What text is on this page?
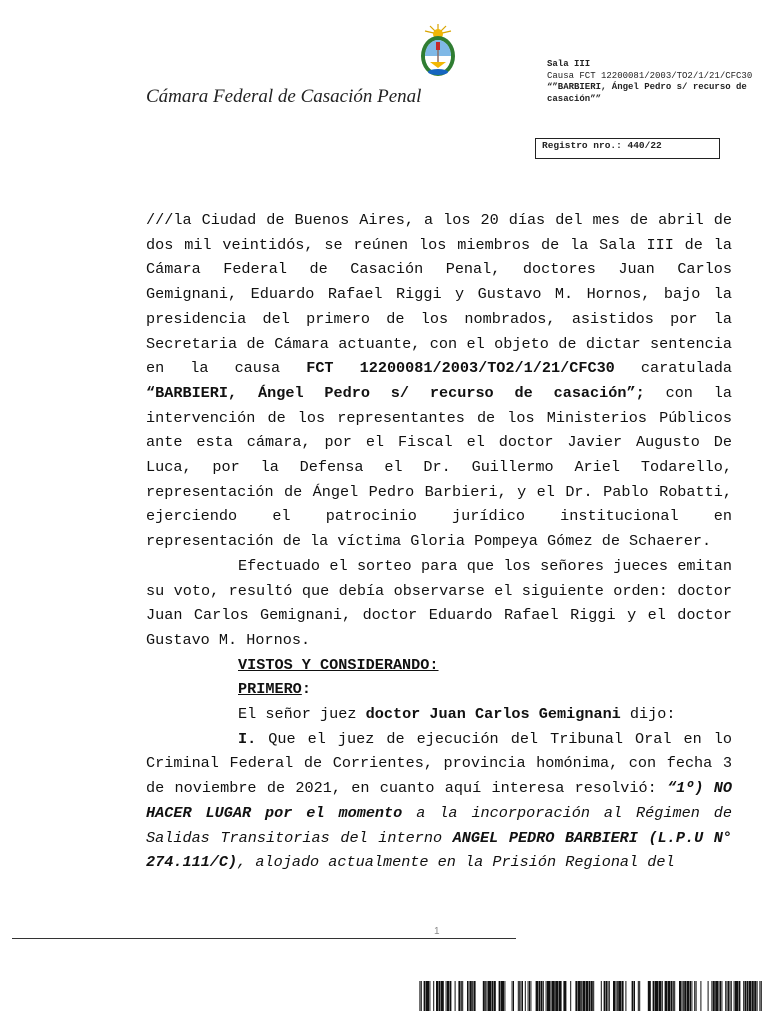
Cámara Federal de Casación Penal
Sala III
Causa FCT 12200081/2003/TO2/1/21/CFC30
“”BARBIERI, Ángel Pedro s/ recurso de casación””
Registro nro.: 440/22

///la Ciudad de Buenos Aires, a los 20 días del mes de abril de dos mil veintidós, se reúnen los miembros de la Sala III de la Cámara Federal de Casación Penal, doctores Juan Carlos Gemignani, Eduardo Rafael Riggi y Gustavo M. Hornos, bajo la presidencia del primero de los nombrados, asistidos por la Secretaria de Cámara actuante, con el objeto de dictar sentencia en la causa FCT 12200081/2003/TO2/1/21/CFC30 caratulada “BARBIERI, Ángel Pedro s/ recurso de casación”; con la intervención de los representantes de los Ministerios Públicos ante esta cámara, por el Fiscal el doctor Javier Augusto De Luca, por la Defensa el Dr. Guillermo Ariel Todarello, representación de Ángel Pedro Barbieri, y el Dr. Pablo Robatti, ejerciendo el patrocinio jurídico institucional en representación de la víctima Gloria Pompeya Gómez de Schaerer.

Efectuado el sorteo para que los señores jueces emitan su voto, resultó que debía observarse el siguiente orden: doctor Juan Carlos Gemignani, doctor Eduardo Rafael Riggi y el doctor Gustavo M. Hornos.

VISTOS Y CONSIDERANDO:

PRIMERO:

El señor juez doctor Juan Carlos Gemignani dijo:

I. Que el juez de ejecución del Tribunal Oral en lo Criminal Federal de Corrientes, provincia homónima, con fecha 3 de noviembre de 2021, en cuanto aquí interesa resolvió: “1º) NO HACER LUGAR por el momento a la incorporación al Régimen de Salidas Transitorias del interno ANGEL PEDRO BARBIERI (L.P.U N° 274.111/C), alojado actualmente en la Prisión Regional del

1
